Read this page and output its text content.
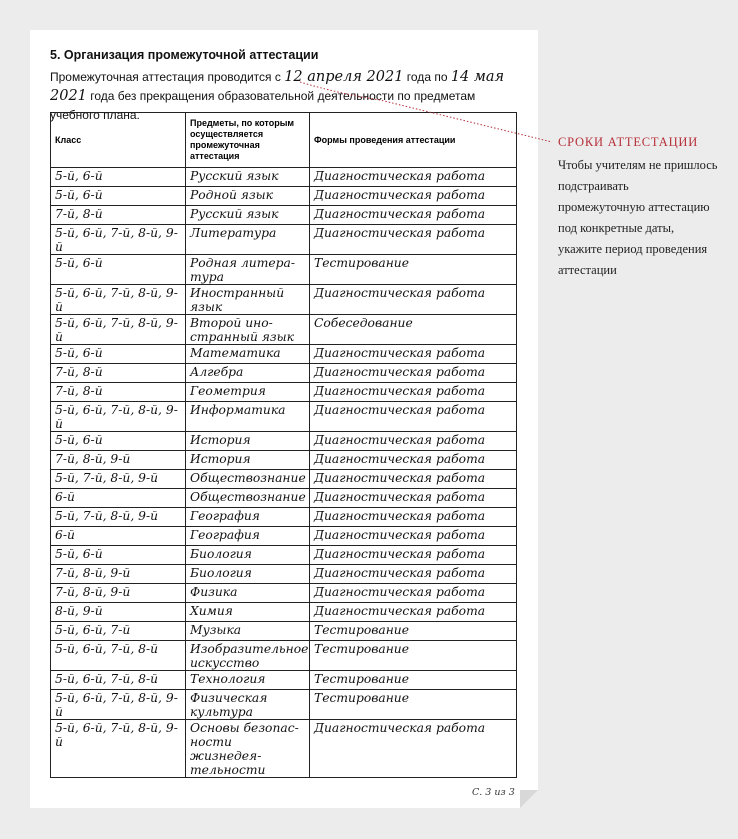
5. Организация промежуточной аттестации
Промежуточная аттестация проводится с 12 апреля 2021 года по 14 мая 2021 года без прекращения образовательной деятельности по предметам учебного плана.
Класс	Предметы, по которым осуществляется промежуточная аттестация	Формы проведения аттестации
5-й, 6-й	Русский язык	Диагностическая работа
5-й, 6-й	Родной язык	Диагностическая работа
7-й, 8-й	Русский язык	Диагностическая работа
5-й, 6-й, 7-й, 8-й, 9-й	Литература	Диагностическая работа
5-й, 6-й	Родная литера-тура	Тестирование
5-й, 6-й, 7-й, 8-й, 9-й	Иностранный язык	Диагностическая работа
5-й, 6-й, 7-й, 8-й, 9-й	Второй ино-странный язык	Собеседование
5-й, 6-й	Математика	Диагностическая работа
7-й, 8-й	Алгебра	Диагностическая работа
7-й, 8-й	Геометрия	Диагностическая работа
5-й, 6-й, 7-й, 8-й, 9-й	Информатика	Диагностическая работа
5-й, 6-й	История	Диагностическая работа
7-й, 8-й, 9-й	История	Диагностическая работа
5-й, 7-й, 8-й, 9-й	Обществознание	Диагностическая работа
6-й	Обществознание	Диагностическая работа
5-й, 7-й, 8-й, 9-й	География	Диагностическая работа
6-й	География	Диагностическая работа
5-й, 6-й	Биология	Диагностическая работа
7-й, 8-й, 9-й	Биология	Диагностическая работа
7-й, 8-й, 9-й	Физика	Диагностическая работа
8-й, 9-й	Химия	Диагностическая работа
5-й, 6-й, 7-й	Музыка	Тестирование
5-й, 6-й, 7-й, 8-й	Изобразительное искусство	Тестирование
5-й, 6-й, 7-й, 8-й	Технология	Тестирование
5-й, 6-й, 7-й, 8-й, 9-й	Физическая культура	Тестирование
5-й, 6-й, 7-й, 8-й, 9-й	Основы безопас-ности жизнедея-тельности	Диагностическая работа
С. 3 из 3
СРОКИ АТТЕСТАЦИИ
Чтобы учителям не пришлось подстраивать промежуточную аттестацию под конкретные даты, укажите период проведения аттестации
